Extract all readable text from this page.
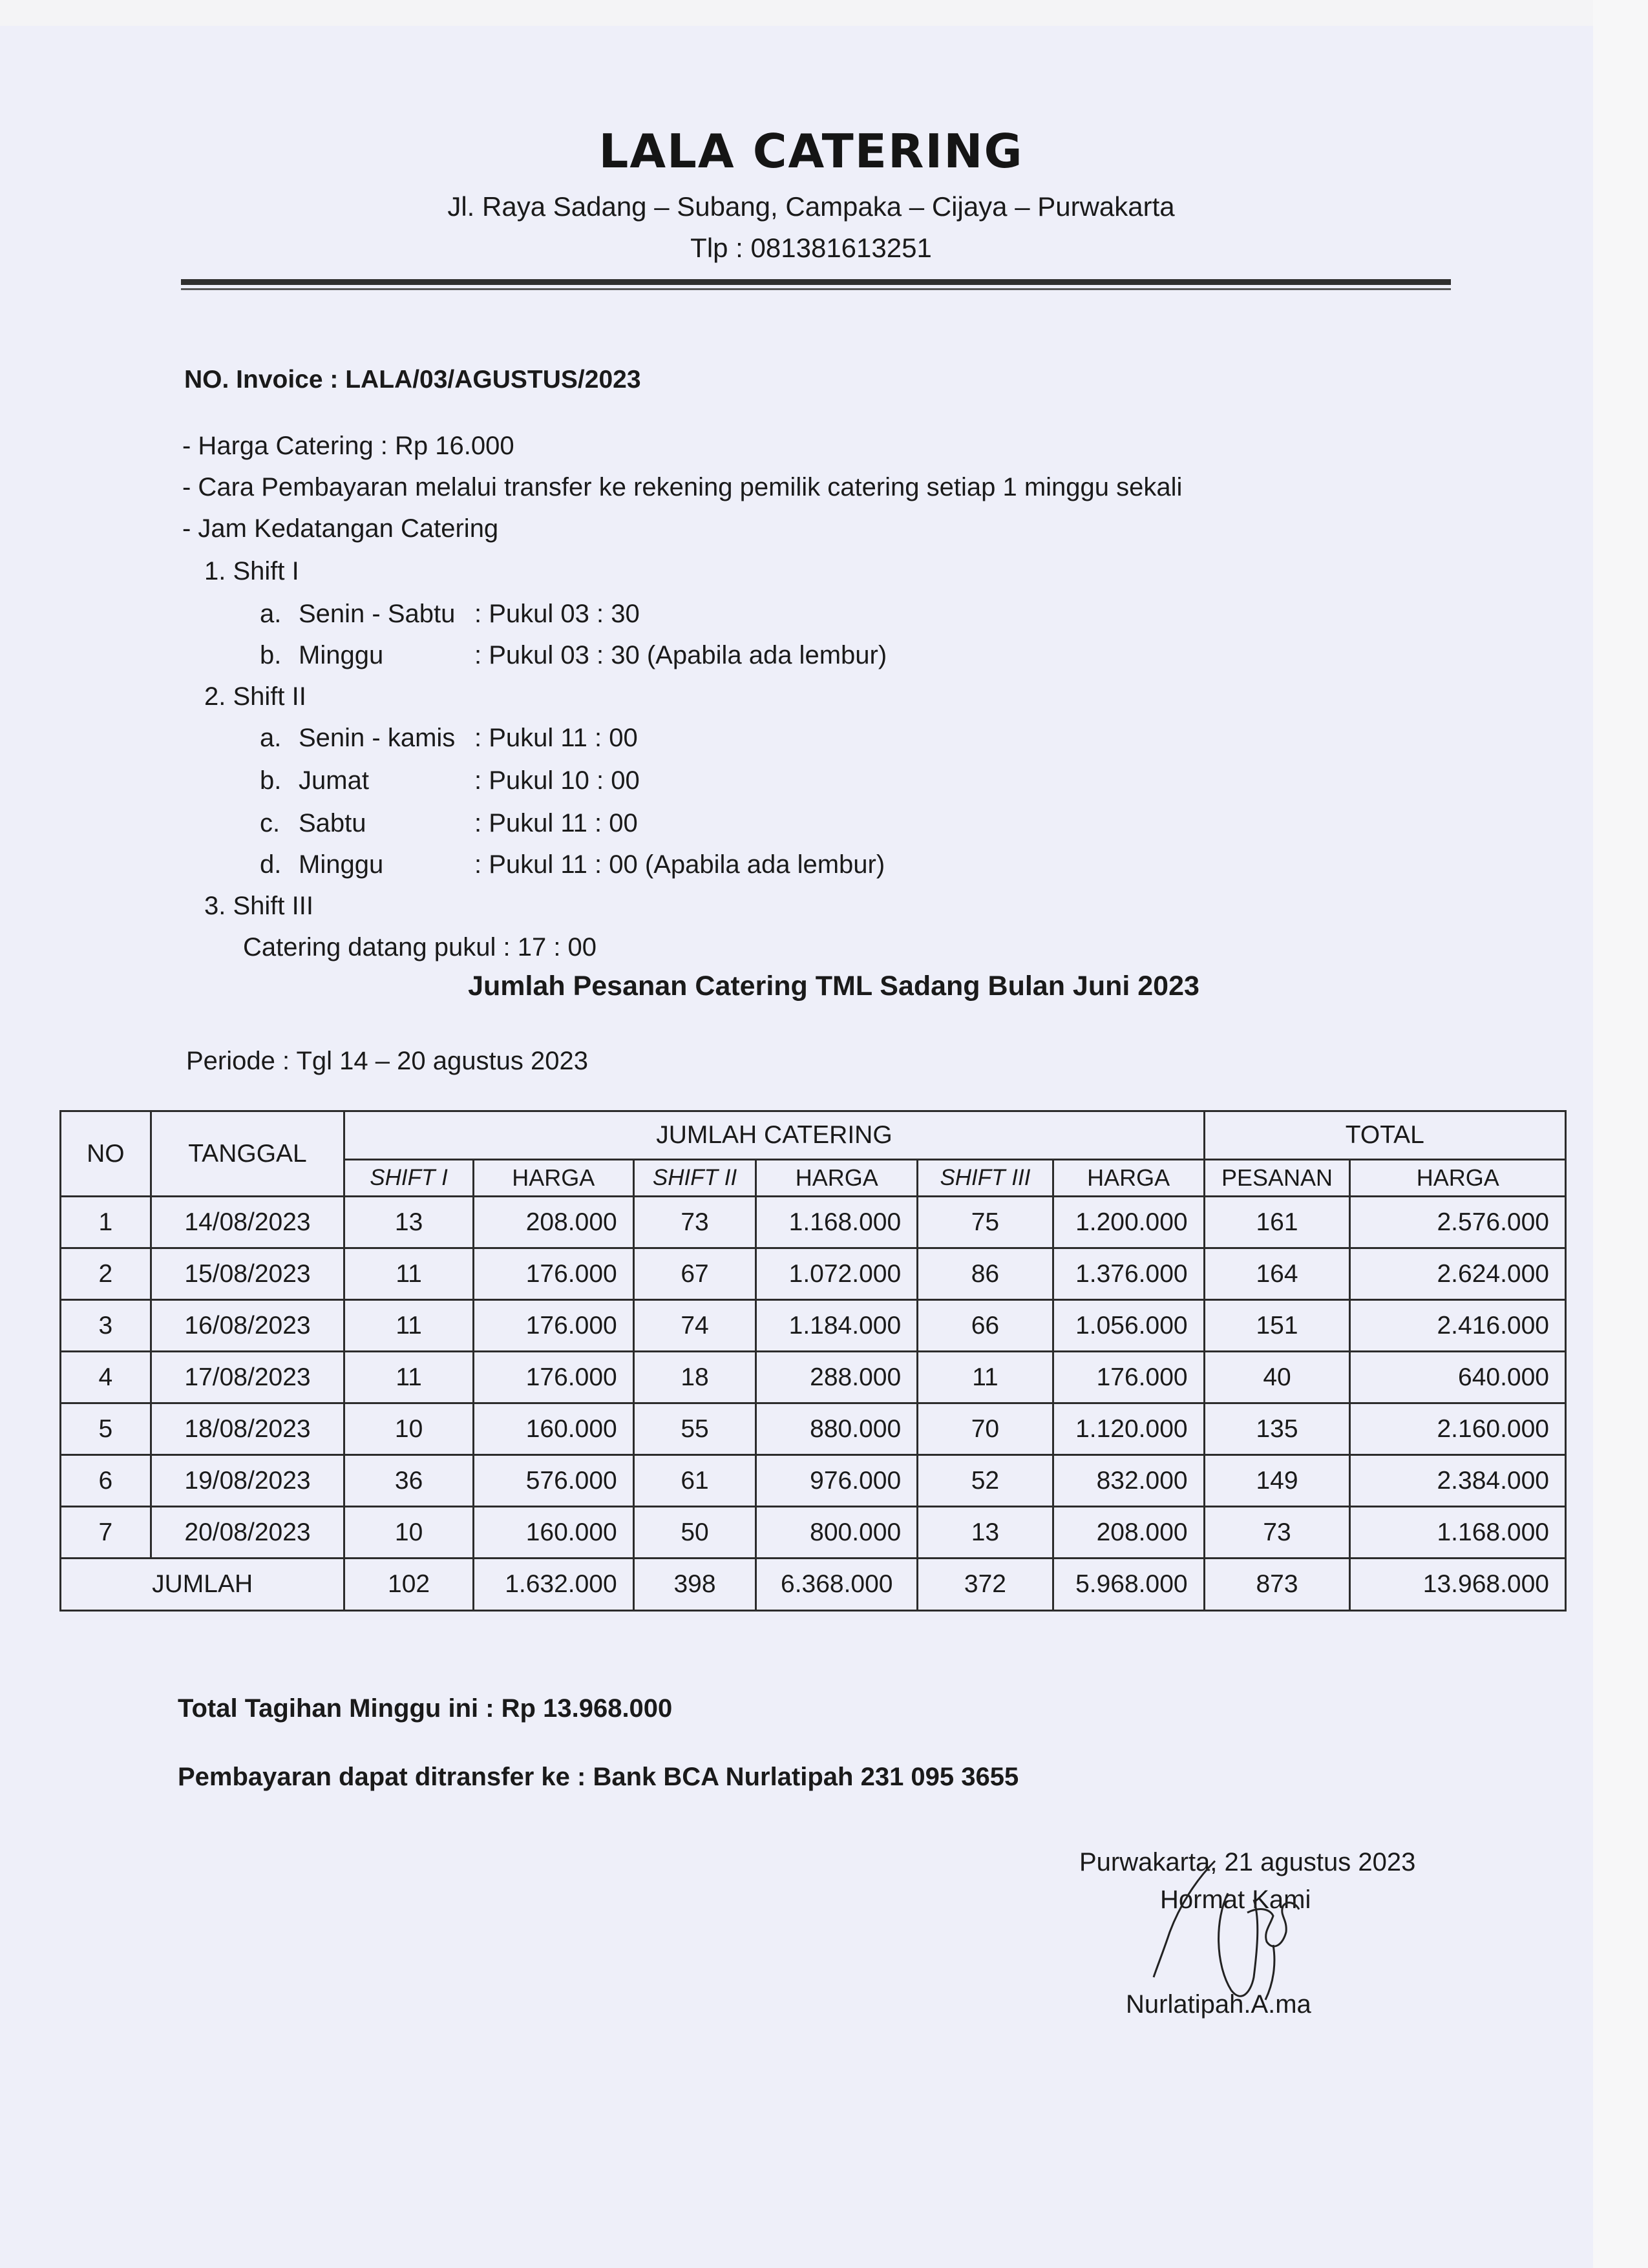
LALA CATERING

Jl. Raya Sadang – Subang, Campaka – Cijaya – Purwakarta

Tlp : 081381613251

NO. Invoice : LALA/03/AGUSTUS/2023

- Harga Catering : Rp 16.000

- Cara Pembayaran melalui transfer ke rekening pemilik catering setiap 1 minggu sekali

- Jam Kedatangan Catering

1. Shift I

a. Senin - Sabtu : Pukul 03 : 30

b. Minggu	: Pukul 03 : 30 (Apabila ada lembur)

2. Shift II

a. Senin - kamis : Pukul 11 : 00

b. Jumat	: Pukul 10 : 00

c. Sabtu	: Pukul 11 : 00

d. Minggu	: Pukul 11 : 00 (Apabila ada lembur)

3. Shift III

Catering datang pukul : 17 : 00

Jumlah Pesanan Catering TML Sadang Bulan Juni 2023

Periode : Tgl 14 – 20 agustus 2023

NO	TANGGAL	JUMLAH CATERING						TOTAL	
		SHIFT I	HARGA	SHIFT II	HARGA	SHIFT III	HARGA	PESANAN	HARGA
1	14/08/2023	13	208.000	73	1.168.000	75	1.200.000	161	2.576.000
2	15/08/2023	11	176.000	67	1.072.000	86	1.376.000	164	2.624.000
3	16/08/2023	11	176.000	74	1.184.000	66	1.056.000	151	2.416.000
4	17/08/2023	11	176.000	18	288.000	11	176.000	40	640.000
5	18/08/2023	10	160.000	55	880.000	70	1.120.000	135	2.160.000
6	19/08/2023	36	576.000	61	976.000	52	832.000	149	2.384.000
7	20/08/2023	10	160.000	50	800.000	13	208.000	73	1.168.000
JUMLAH		102	1.632.000	398	6.368.000	372	5.968.000	873	13.968.000

Total Tagihan Minggu ini : Rp 13.968.000

Pembayaran dapat ditransfer ke : Bank BCA Nurlatipah 231 095 3655

Purwakarta, 21 agustus 2023

Hormat Kami

Nurlatipah.A.ma
